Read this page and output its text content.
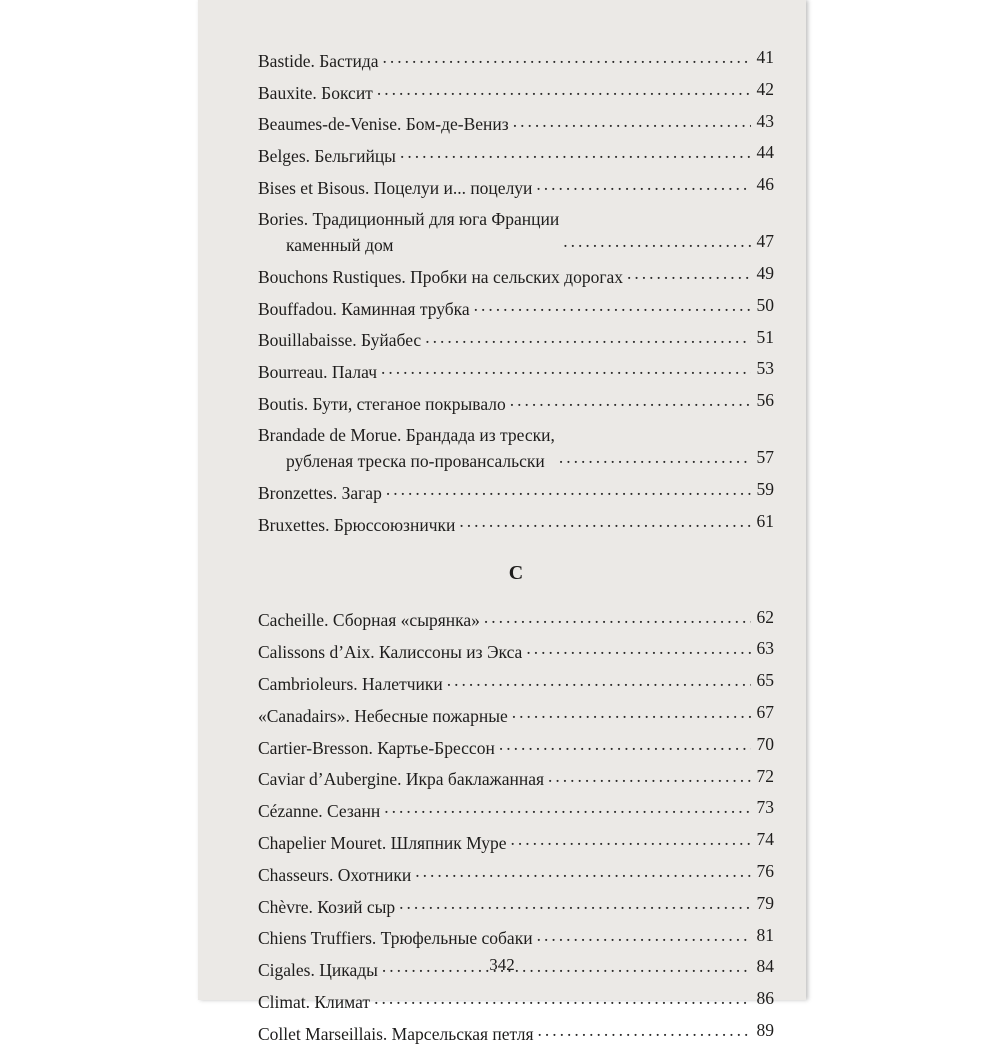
Bastide. Бастида .....	41
Bauxite. Боксит .....	42
Beaumes-de-Venise. Бом-де-Вениз .....	43
Belges. Бельгийцы .....	44
Bises et Bisous. Поцелуи и... поцелуи .....	46
Bories. Традиционный для юга Франции
каменный дом .....	47
Bouchons Rustiques. Пробки на сельских дорогах .....	49
Bouffadou. Каминная трубка .....	50
Bouillabaisse. Буйабес .....	51
Bourreau. Палач .....	53
Boutis. Бути, стеганое покрывало .....	56
Brandade de Morue. Брандада из трески,
рубленая треска по-провансальски .....	57
Bronzettes. Загар .....	59
Bruxettes. Брюссоюзнички .....	61
C
Cacheille. Сборная «сырянка» .....	62
Calissons d’Aix. Калиссоны из Экса .....	63
Cambrioleurs. Налетчики .....	65
«Canadairs». Небесные пожарные .....	67
Cartier-Bresson. Картье-Брессон .....	70
Caviar d’Aubergine. Икра баклажанная .....	72
Cézanne. Сезанн .....	73
Chapelier Mouret. Шляпник Муре .....	74
Chasseurs. Охотники .....	76
Chèvre. Козий сыр .....	79
Chiens Truffiers. Трюфельные собаки .....	81
Cigales. Цикады .....	84
Climat. Климат .....	86
Collet Marseillais. Марсельская петля .....	89
342
